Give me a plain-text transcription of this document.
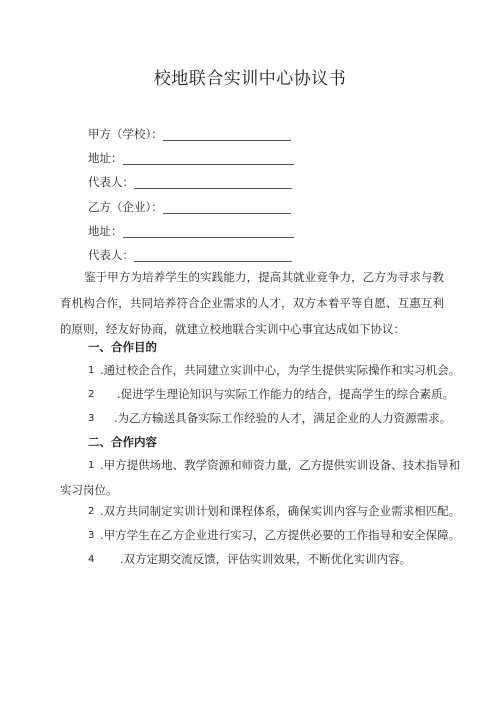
校地联合实训中心协议书
甲方（学校）：
地址：
代表人：
乙方（企业）：
地址：
代表人：

鉴于甲方为培养学生的实践能力，提高其就业竞争力，乙方为寻求与教育机构合作，共同培养符合企业需求的人才，双方本着平等自愿、互惠互利的原则，经友好协商，就建立校地联合实训中心事宜达成如下协议：

一、合作目的
1 .通过校企合作，共同建立实训中心，为学生提供实际操作和实习机会。
2 .促进学生理论知识与实际工作能力的结合，提高学生的综合素质。
3 .为乙方输送具备实际工作经验的人才，满足企业的人力资源需求。
二、合作内容
1 .甲方提供场地、教学资源和师资力量，乙方提供实训设备、技术指导和
实习岗位。
2 .双方共同制定实训计划和课程体系，确保实训内容与企业需求相匹配。
3 .甲方学生在乙方企业进行实习，乙方提供必要的工作指导和安全保障。
4 .双方定期交流反馈，评估实训效果，不断优化实训内容。
